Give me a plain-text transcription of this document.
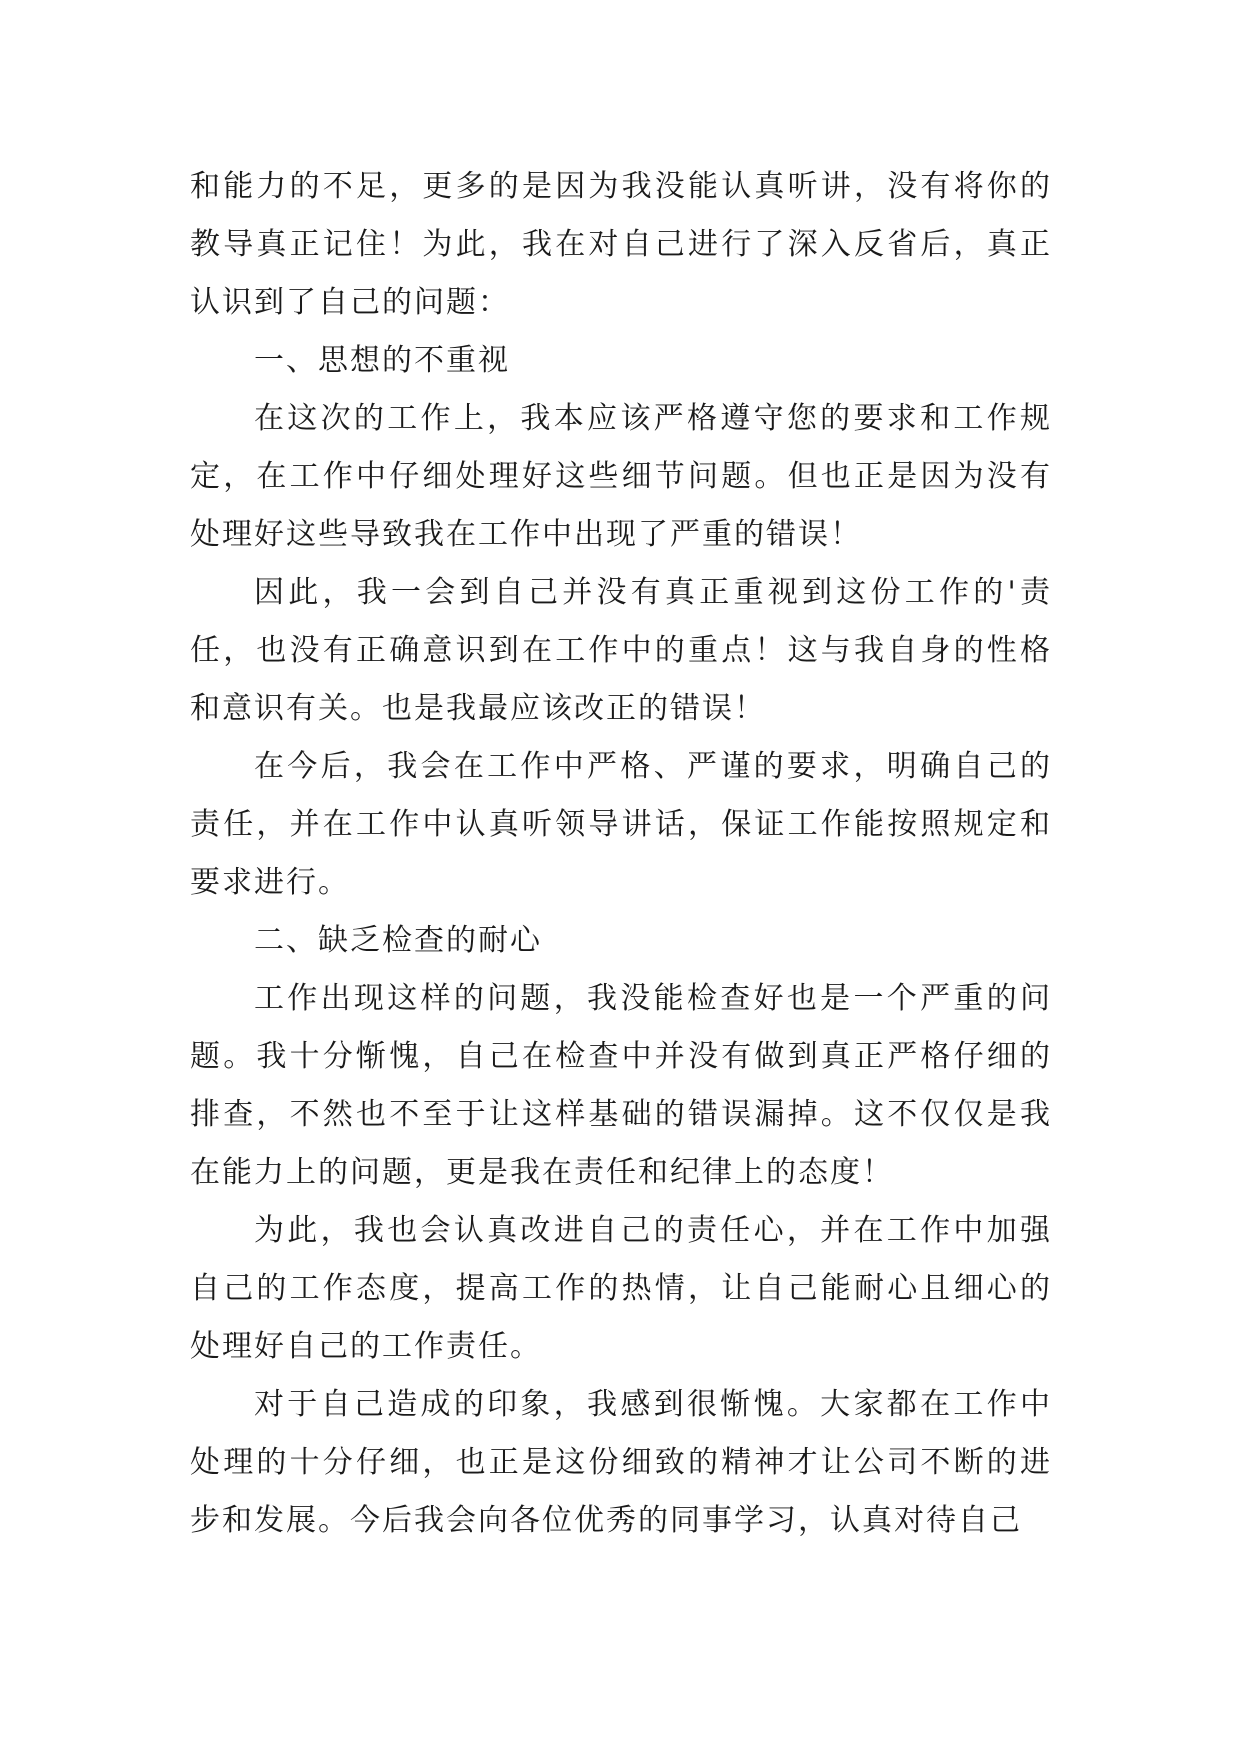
和能力的不足，更多的是因为我没能认真听讲，没有将你的教导真正记住！为此，我在对自己进行了深入反省后，真正认识到了自己的问题：

一、思想的不重视

在这次的工作上，我本应该严格遵守您的要求和工作规定，在工作中仔细处理好这些细节问题。但也正是因为没有处理好这些导致我在工作中出现了严重的错误！

因此，我一会到自己并没有真正重视到这份工作的'责任，也没有正确意识到在工作中的重点！这与我自身的性格和意识有关。也是我最应该改正的错误！

在今后，我会在工作中严格、严谨的要求，明确自己的责任，并在工作中认真听领导讲话，保证工作能按照规定和要求进行。

二、缺乏检查的耐心

工作出现这样的问题，我没能检查好也是一个严重的问题。我十分惭愧，自己在检查中并没有做到真正严格仔细的排查，不然也不至于让这样基础的错误漏掉。这不仅仅是我在能力上的问题，更是我在责任和纪律上的态度！

为此，我也会认真改进自己的责任心，并在工作中加强自己的工作态度，提高工作的热情，让自己能耐心且细心的处理好自己的工作责任。

对于自己造成的印象，我感到很惭愧。大家都在工作中处理的十分仔细，也正是这份细致的精神才让公司不断的进步和发展。今后我会向各位优秀的同事学习，认真对待自己
